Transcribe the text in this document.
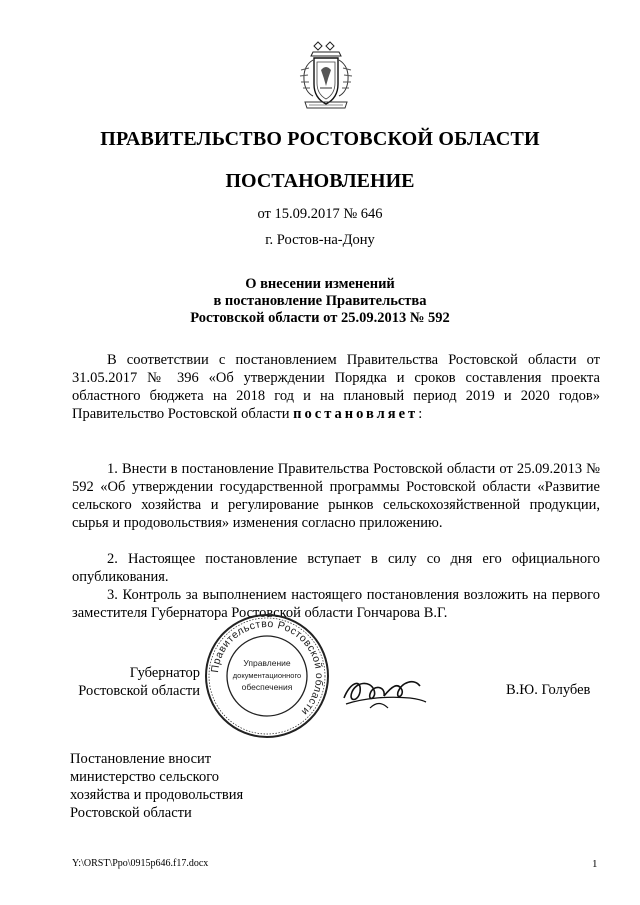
ПРАВИТЕЛЬСТВО РОСТОВСКОЙ ОБЛАСТИ
ПОСТАНОВЛЕНИЕ
от 15.09.2017 № 646
г. Ростов-на-Дону
О внесении изменений
в постановление Правительства
Ростовской области от 25.09.2013 № 592

В соответствии с постановлением Правительства Ростовской области от 31.05.2017 № 396 «Об утверждении Порядка и сроков составления проекта областного бюджета на 2018 год и на плановый период 2019 и 2020 годов» Правительство Ростовской области постановляет:

1. Внести в постановление Правительства Ростовской области от 25.09.2013 № 592 «Об утверждении государственной программы Ростовской области «Развитие сельского хозяйства и регулирование рынков сельскохозяйственной продукции, сырья и продовольствия» изменения согласно приложению.

2. Настоящее постановление вступает в силу со дня его официального опубликования.

3. Контроль за выполнением настоящего постановления возложить на первого заместителя Губернатора Ростовской области Гончарова В.Г.

Губернатор
Ростовской области
Правительство Ростовской области
Управление
документационного
обеспечения	В.Ю. Голубев
Постановление вносит
министерство сельского
хозяйства и продовольствия
Ростовской области
Y:\ORST\Ppo\0915p646.f17.docx	1
